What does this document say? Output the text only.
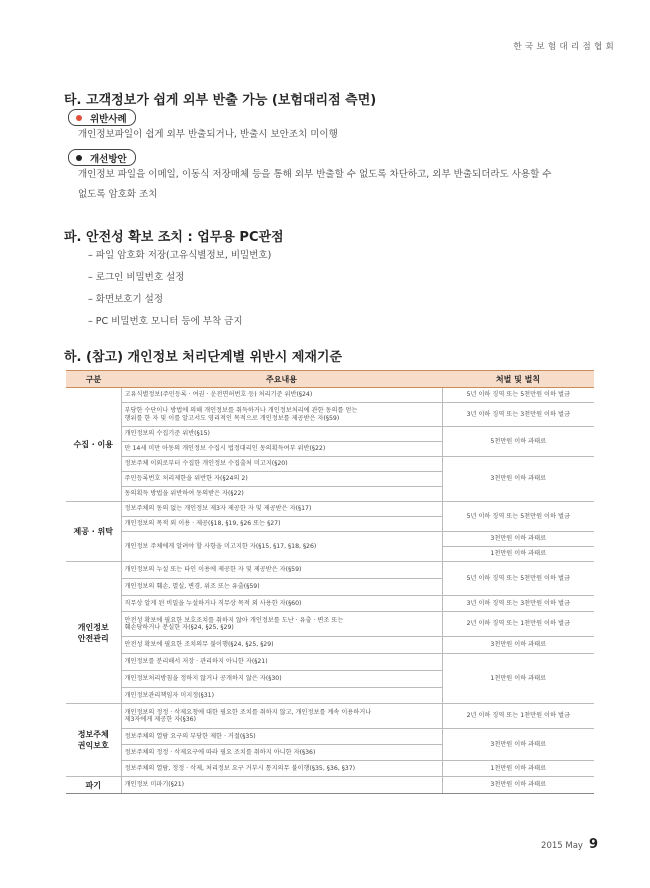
한 국 보 험 대 리 점 협 회
타. 고객정보가 쉽게 외부 반출 가능 (보험대리점 측면)
위반사례

개인정보파일이 쉽게 외부 반출되거나, 반출시 보안조치 미이행

개선방안

개인정보 파일을 이메일, 이동식 저장매체 등을 통해 외부 반출할 수 없도록 차단하고, 외부 반출되더라도 사용할 수

없도록 암호화 조치

파. 안전성 확보 조치 : 업무용 PC관점
– 파일 암호화 저장(고유식별정보, 비밀번호)
– 로그인 비밀번호 설정
– 화면보호기 설정
– PC 비밀번호 모니터 등에 부착 금지
하. (참고) 개인정보 처리단계별 위반시 제재기준
구분	주요내용	처벌 및 벌칙
수집 · 이용	고유식별정보(주민등록 · 여권 · 운전면허번호 등) 처리기준 위반(§24)	5년 이하 징역 또는 5천만원 이하 벌금
	부당한 수단이나 방법에 의해 개인정보를 취득하거나 개인정보처리에 관한 동의를 얻는
행위를 한 자 및 이를 알고서도 영리적인 목적으로 개인정보를 제공받은 자(§59)	3년 이하 징역 또는 3천만원 이하 벌금
	개인정보의 수집기준 위반(§15)	5천만원 이하 과태료
	만 14세 미만 아동의 개인정보 수집시 법정대리인 동의획득여부 위반(§22)	
	정보주체 이외로부터 수집한 개인정보 수집출처 미고지(§20)	3천만원 이하 과태료
	주민등록번호 처리제한을 위반한 자(§24의 2)	
	동의획득 방법을 위반하여 동의받은 자(§22)	
제공 · 위탁	정보주체의 동의 없는 개인정보 제3자 제공한 자 및 제공받은 자(§17)	5년 이하 징역 또는 5천만원 이하 벌금
	개인정보의 목적 외 이용 · 제공(§18, §19, §26 또는 §27)	
	개인정보 주체에게 알려야 할 사항을 미고지한 자(§15, §17, §18, §26)	3천만원 이하 과태료
		1천만원 이하 과태료
개인정보
안전관리	개인정보의 누설 또는 타인 이용에 제공한 자 및 제공받은 자(§59)	5년 이하 징역 또는 5천만원 이하 벌금
	개인정보의 훼손, 멸실, 변경, 위조 또는 유출(§59)	
	직무상 알게 된 비밀을 누설하거나 직무상 목적 외 사용한 자(§60)	3년 이하 징역 또는 3천만원 이하 벌금
	안전성 확보에 필요한 보호조치를 취하지 않아 개인정보를 도난 · 유출 · 변조 또는
훼손당하거나 분실한 자(§24, §25, §29)	2년 이하 징역 또는 1천만원 이하 벌금
	안전성 확보에 필요한 조치의무 불이행(§24, §25, §29)	3천만원 이하 과태료
	개인정보를 분리해서 저장 · 관리하지 아니한 자(§21)	1천만원 이하 과태료
	개인정보처리방침을 정하지 않거나 공개하지 않은 자(§30)	
	개인정보관리책임자 미지정(§31)	
정보주체
권익보호	개인정보의 정정 · 삭제요청에 대한 필요한 조치를 취하지 않고, 개인정보를 계속 이용하거나
제3자에게 제공한 자(§36)	2년 이하 징역 또는 1천만원 이하 벌금
	정보주체의 열람 요구의 부당한 제한 · 거절(§35)	3천만원 이하 과태료
	정보주체의 정정 · 삭제요구에 따라 필요 조치를 취하지 아니한 자(§36)	
	정보주체의 열람, 정정 · 삭제, 처리정보 요구 거부시 통지의무 불이행(§35, §36, §37)	1천만원 이하 과태료
파기	개인정보 미파기(§21)	3천만원 이하 과태료
2015 May 9
